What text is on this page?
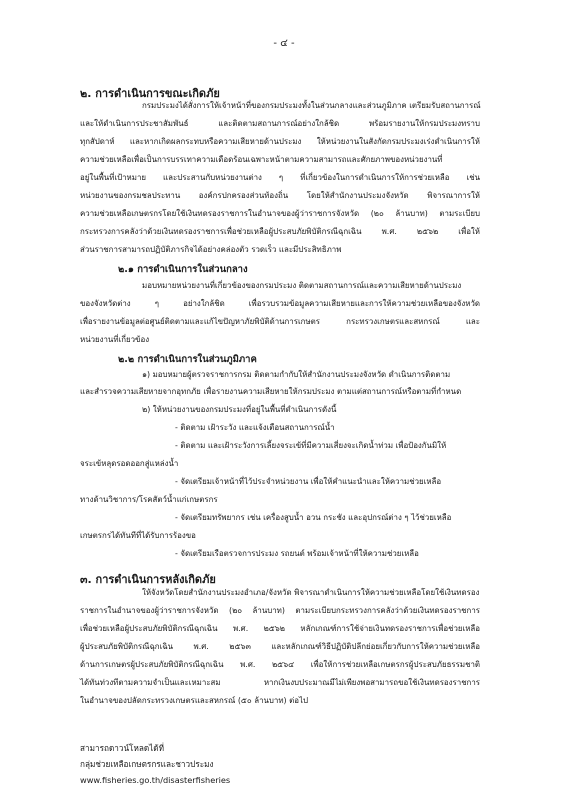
- ๔ -
๒. การดำเนินการขณะเกิดภัย
กรมประมงได้สั่งการให้เจ้าหน้าที่ของกรมประมงทั้งในส่วนกลางและส่วนภูมิภาค เตรียมรับสถานการณ์
และให้ดำเนินการประชาสัมพันธ์ และติดตามสถานการณ์อย่างใกล้ชิด พร้อมรายงานให้กรมประมงทราบ
ทุกสัปดาห์ และหากเกิดผลกระทบหรือความเสียหายด้านประมง ให้หน่วยงานในสังกัดกรมประมงเร่งดำเนินการให้
ความช่วยเหลือเพื่อเป็นการบรรเทาความเดือดร้อนเฉพาะหน้าตามความสามารถและศักยภาพของหน่วยงานที่
อยู่ในพื้นที่เป้าหมาย และประสานกับหน่วยงานต่าง ๆ ที่เกี่ยวข้องในการดำเนินการให้การช่วยเหลือ เช่น
หน่วยงานของกรมชลประทาน องค์กรปกครองส่วนท้องถิ่น โดยให้สำนักงานประมงจังหวัด พิจารณาการให้
ความช่วยเหลือเกษตรกรโดยใช้เงินทดรองราชการในอำนาจของผู้ว่าราชการจังหวัด (๒๐ ล้านบาท) ตามระเบียบ
กระทรวงการคลังว่าด้วยเงินทดรองราชการเพื่อช่วยเหลือผู้ประสบภัยพิบัติกรณีฉุกเฉิน พ.ศ. ๒๕๖๒ เพื่อให้
ส่วนราชการสามารถปฏิบัติภารกิจได้อย่างคล่องตัว รวดเร็ว และมีประสิทธิภาพ
๒.๑ การดำเนินการในส่วนกลาง
มอบหมายหน่วยงานที่เกี่ยวข้องของกรมประมง ติดตามสถานการณ์และความเสียหายด้านประมง
ของจังหวัดต่าง ๆ อย่างใกล้ชิด เพื่อรวบรวมข้อมูลความเสียหายและการให้ความช่วยเหลือของจังหวัด
เพื่อรายงานข้อมูลต่อศูนย์ติดตามและแก้ไขปัญหาภัยพิบัติด้านการเกษตร กระทรวงเกษตรและสหกรณ์ และ
หน่วยงานที่เกี่ยวข้อง
๒.๒ การดำเนินการในส่วนภูมิภาค
๑) มอบหมายผู้ตรวจราชการกรม ติดตามกำกับให้สำนักงานประมงจังหวัด ดำเนินการติดตาม
และสำรวจความเสียหายจากอุทกภัย เพื่อรายงานความเสียหายให้กรมประมง ตามแต่สถานการณ์หรือตามที่กำหนด
๒) ให้หน่วยงานของกรมประมงที่อยู่ในพื้นที่ดำเนินการดังนี้
- ติดตาม เฝ้าระวัง และแจ้งเตือนสถานการณ์น้ำ
- ติดตาม และเฝ้าระวังการเลี้ยงจระเข้ที่มีความเสี่ยงจะเกิดน้ำท่วม เพื่อป้องกันมิให้
จระเข้หลุดรอดออกสู่แหล่งน้ำ
- จัดเตรียมเจ้าหน้าที่ไว้ประจำหน่วยงาน เพื่อให้คำแนะนำและให้ความช่วยเหลือ
ทางด้านวิชาการ/โรคสัตว์น้ำแก่เกษตรกร
- จัดเตรียมทรัพยากร เช่น เครื่องสูบน้ำ อวน กระชัง และอุปกรณ์ต่าง ๆ ไว้ช่วยเหลือ
เกษตรกรได้ทันทีที่ได้รับการร้องขอ
- จัดเตรียมเรือตรวจการประมง รถยนต์ พร้อมเจ้าหน้าที่ให้ความช่วยเหลือ
๓. การดำเนินการหลังเกิดภัย
ให้จังหวัดโดยสำนักงานประมงอำเภอ/จังหวัด พิจารณาดำเนินการให้ความช่วยเหลือโดยใช้เงินทดรอง
ราชการในอำนาจของผู้ว่าราชการจังหวัด (๒๐ ล้านบาท) ตามระเบียบกระทรวงการคลังว่าด้วยเงินทดรองราชการ
เพื่อช่วยเหลือผู้ประสบภัยพิบัติกรณีฉุกเฉิน พ.ศ. ๒๕๖๒ หลักเกณฑ์การใช้จ่ายเงินทดรองราชการเพื่อช่วยเหลือ
ผู้ประสบภัยพิบัติกรณีฉุกเฉิน พ.ศ. ๒๕๖๓ และหลักเกณฑ์วิธีปฏิบัติปลีกย่อยเกี่ยวกับการให้ความช่วยเหลือ
ด้านการเกษตรผู้ประสบภัยพิบัติกรณีฉุกเฉิน พ.ศ. ๒๕๖๔ เพื่อให้การช่วยเหลือเกษตรกรผู้ประสบภัยธรรมชาติ
ได้ทันท่วงทีตามความจำเป็นและเหมาะสม หากเงินงบประมาณมีไม่เพียงพอสามารถขอใช้เงินทดรองราชการ
ในอำนาจของปลัดกระทรวงเกษตรและสหกรณ์ (๕๐ ล้านบาท) ต่อไป
สามารถดาวน์โหลดได้ที่
กลุ่มช่วยเหลือเกษตรกรและชาวประมง
www.fisheries.go.th/disasterfisheries
